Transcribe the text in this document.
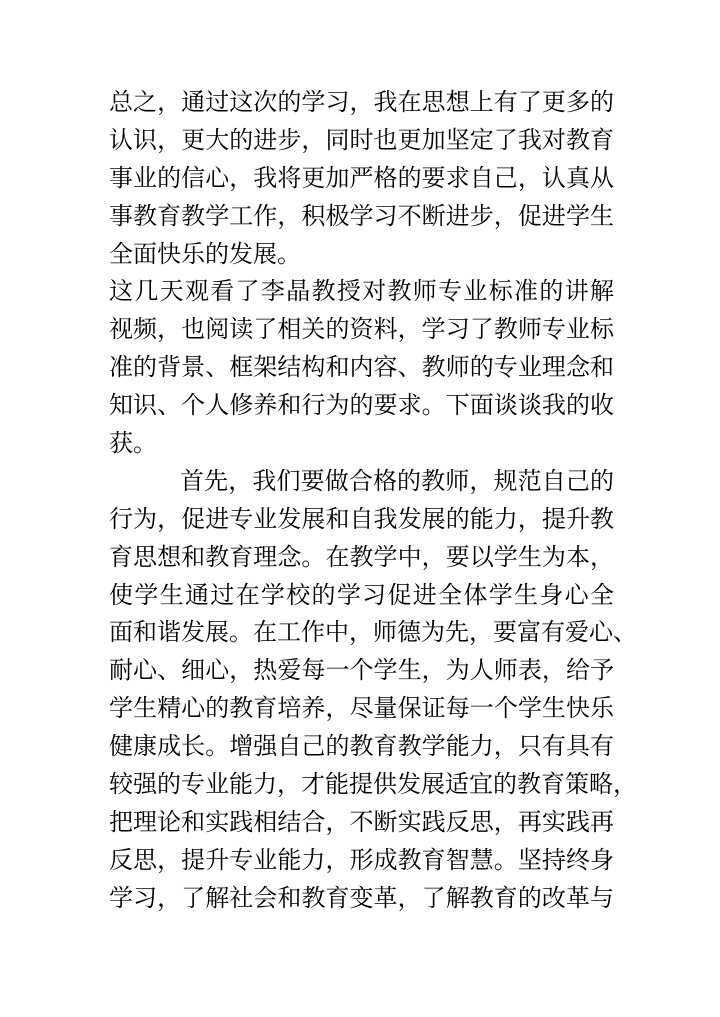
总之，通过这次的学习，我在思想上有了更多的
认识，更大的进步，同时也更加坚定了我对教育
事业的信心，我将更加严格的要求自己，认真从
事教育教学工作，积极学习不断进步，促进学生
全面快乐的发展。
这几天观看了李晶教授对教师专业标准的讲解
视频，也阅读了相关的资料，学习了教师专业标
准的背景、框架结构和内容、教师的专业理念和
知识、个人修养和行为的要求。下面谈谈我的收
获。
首先，我们要做合格的教师，规范自己的
行为，促进专业发展和自我发展的能力，提升教
育思想和教育理念。在教学中，要以学生为本，
使学生通过在学校的学习促进全体学生身心全
面和谐发展。在工作中，师德为先，要富有爱心、
耐心、细心，热爱每一个学生，为人师表，给予
学生精心的教育培养，尽量保证每一个学生快乐
健康成长。增强自己的教育教学能力，只有具有
较强的专业能力，才能提供发展适宜的教育策略，
把理论和实践相结合，不断实践反思，再实践再
反思，提升专业能力，形成教育智慧。坚持终身
学习，了解社会和教育变革，了解教育的改革与
